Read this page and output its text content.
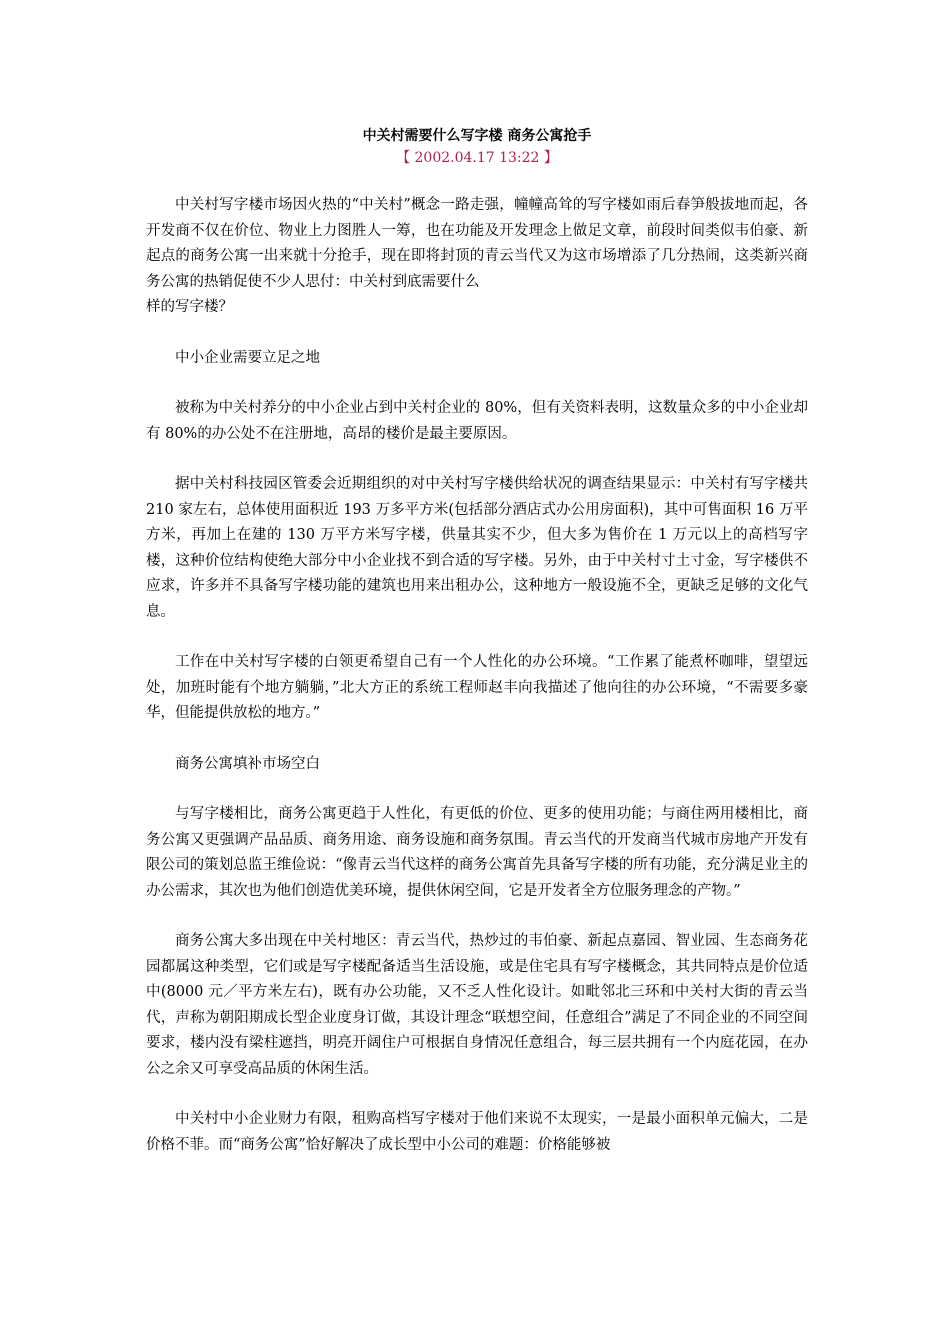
中关村需要什么写字楼 商务公寓抢手

【 2002.04.17 13:22 】

中关村写字楼市场因火热的“中关村”概念一路走强，幢幢高耸的写字楼如雨后春笋般拔地而起，各开发商不仅在价位、物业上力图胜人一筹，也在功能及开发理念上做足文章，前段时间类似韦伯豪、新起点的商务公寓一出来就十分抢手，现在即将封顶的青云当代又为这市场增添了几分热闹，这类新兴商务公寓的热销促使不少人思付：中关村到底需要什么

样的写字楼？

中小企业需要立足之地

被称为中关村养分的中小企业占到中关村企业的 80%，但有关资料表明，这数量众多的中小企业却有 80%的办公处不在注册地，高昂的楼价是最主要原因。

据中关村科技园区管委会近期组织的对中关村写字楼供给状况的调查结果显示：中关村有写字楼共 210 家左右，总体使用面积近 193 万多平方米(包括部分酒店式办公用房面积)，其中可售面积 16 万平方米，再加上在建的 130 万平方米写字楼，供量其实不少，但大多为售价在 1 万元以上的高档写字楼，这种价位结构使绝大部分中小企业找不到合适的写字楼。另外，由于中关村寸土寸金，写字楼供不应求，许多并不具备写字楼功能的建筑也用来出租办公，这种地方一般设施不全，更缺乏足够的文化气息。

工作在中关村写字楼的白领更希望自己有一个人性化的办公环境。“工作累了能煮杯咖啡，望望远处，加班时能有个地方躺躺，”北大方正的系统工程师赵丰向我描述了他向往的办公环境，“不需要多豪华，但能提供放松的地方。”

商务公寓填补市场空白

与写字楼相比，商务公寓更趋于人性化，有更低的价位、更多的使用功能；与商住两用楼相比，商务公寓又更强调产品品质、商务用途、商务设施和商务氛围。青云当代的开发商当代城市房地产开发有限公司的策划总监王维俭说：“像青云当代这样的商务公寓首先具备写字楼的所有功能，充分满足业主的办公需求，其次也为他们创造优美环境，提供休闲空间，它是开发者全方位服务理念的产物。”

商务公寓大多出现在中关村地区：青云当代，热炒过的韦伯豪、新起点嘉园、智业园、生态商务花园都属这种类型，它们或是写字楼配备适当生活设施，或是住宅具有写字楼概念，其共同特点是价位适中(8000 元／平方米左右)，既有办公功能，又不乏人性化设计。如毗邻北三环和中关村大街的青云当代，声称为朝阳期成长型企业度身订做，其设计理念“联想空间，任意组合”满足了不同企业的不同空间要求，楼内没有梁柱遮挡，明亮开阔住户可根据自身情况任意组合，每三层共拥有一个内庭花园，在办公之余又可享受高品质的休闲生活。

中关村中小企业财力有限，租购高档写字楼对于他们来说不太现实，一是最小面积单元偏大，二是价格不菲。而“商务公寓”恰好解决了成长型中小公司的难题：价格能够被
